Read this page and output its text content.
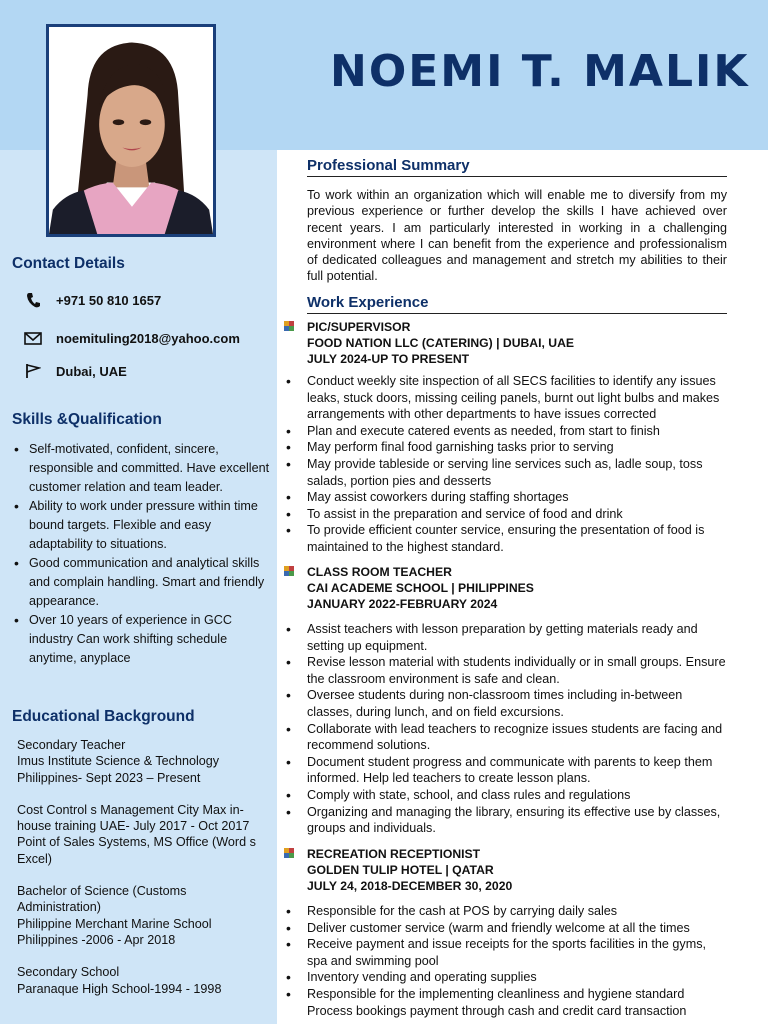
NOEMI T. MALIK
Contact Details
+971 50 810 1657
noemituling2018@yahoo.com
Dubai, UAE
Skills &Qualification
• Self-motivated, confident, sincere, responsible and committed. Have excellent customer relation and team leader.
• Ability to work under pressure within time bound targets. Flexible and easy adaptability to situations.
• Good communication and analytical skills and complain handling. Smart and friendly appearance.
• Over 10 years of experience in GCC industry Can work shifting schedule anytime, anyplace
Educational Background
Secondary Teacher
Imus Institute Science & Technology
Philippines- Sept 2023 – Present
Cost Control s Management City Max in-house training UAE- July 2017 - Oct 2017
Point of Sales Systems, MS Office (Word s Excel)
Bachelor of Science (Customs Administration)
Philippine Merchant Marine School
Philippines -2006 - Apr 2018
Secondary School
Paranaque High School-1994 - 1998
Professional Summary
To work within an organization which will enable me to diversify from my previous experience or further develop the skills I have achieved over recent years. I am particularly interested in working in a challenging environment where I can benefit from the experience and professionalism of dedicated colleagues and management and stretch my abilities to their full potential.
Work Experience
PIC/SUPERVISOR
FOOD NATION LLC (CATERING) | DUBAI, UAE
JULY 2024-UP TO PRESENT
• Conduct weekly site inspection of all SECS facilities to identify any issues leaks, stuck doors, missing ceiling panels, burnt out light bulbs and makes arrangements with other departments to have issues corrected
• Plan and execute catered events as needed, from start to finish
• May perform final food garnishing tasks prior to serving
• May provide tableside or serving line services such as, ladle soup, toss salads, portion pies and desserts
• May assist coworkers during staffing shortages
• To assist in the preparation and service of food and drink
• To provide efficient counter service, ensuring the presentation of food is maintained to the highest standard.
CLASS ROOM TEACHER
CAI ACADEME SCHOOL | PHILIPPINES
JANUARY 2022-FEBRUARY 2024
• Assist teachers with lesson preparation by getting materials ready and setting up equipment.
• Revise lesson material with students individually or in small groups. Ensure the classroom environment is safe and clean.
• Oversee students during non-classroom times including in-between classes, during lunch, and on field excursions.
• Collaborate with lead teachers to recognize issues students are facing and recommend solutions.
• Document student progress and communicate with parents to keep them informed. Help led teachers to create lesson plans.
• Comply with state, school, and class rules and regulations
• Organizing and managing the library, ensuring its effective use by classes, groups and individuals.
RECREATION RECEPTIONIST
GOLDEN TULIP HOTEL | QATAR
JULY 24, 2018-DECEMBER 30, 2020
• Responsible for the cash at POS by carrying daily sales
• Deliver customer service (warm and friendly welcome at all the times
• Receive payment and issue receipts for the sports facilities in the gyms, spa and swimming pool
• Inventory vending and operating supplies
• Responsible for the implementing cleanliness and hygiene standard Process bookings payment through cash and credit card transaction
